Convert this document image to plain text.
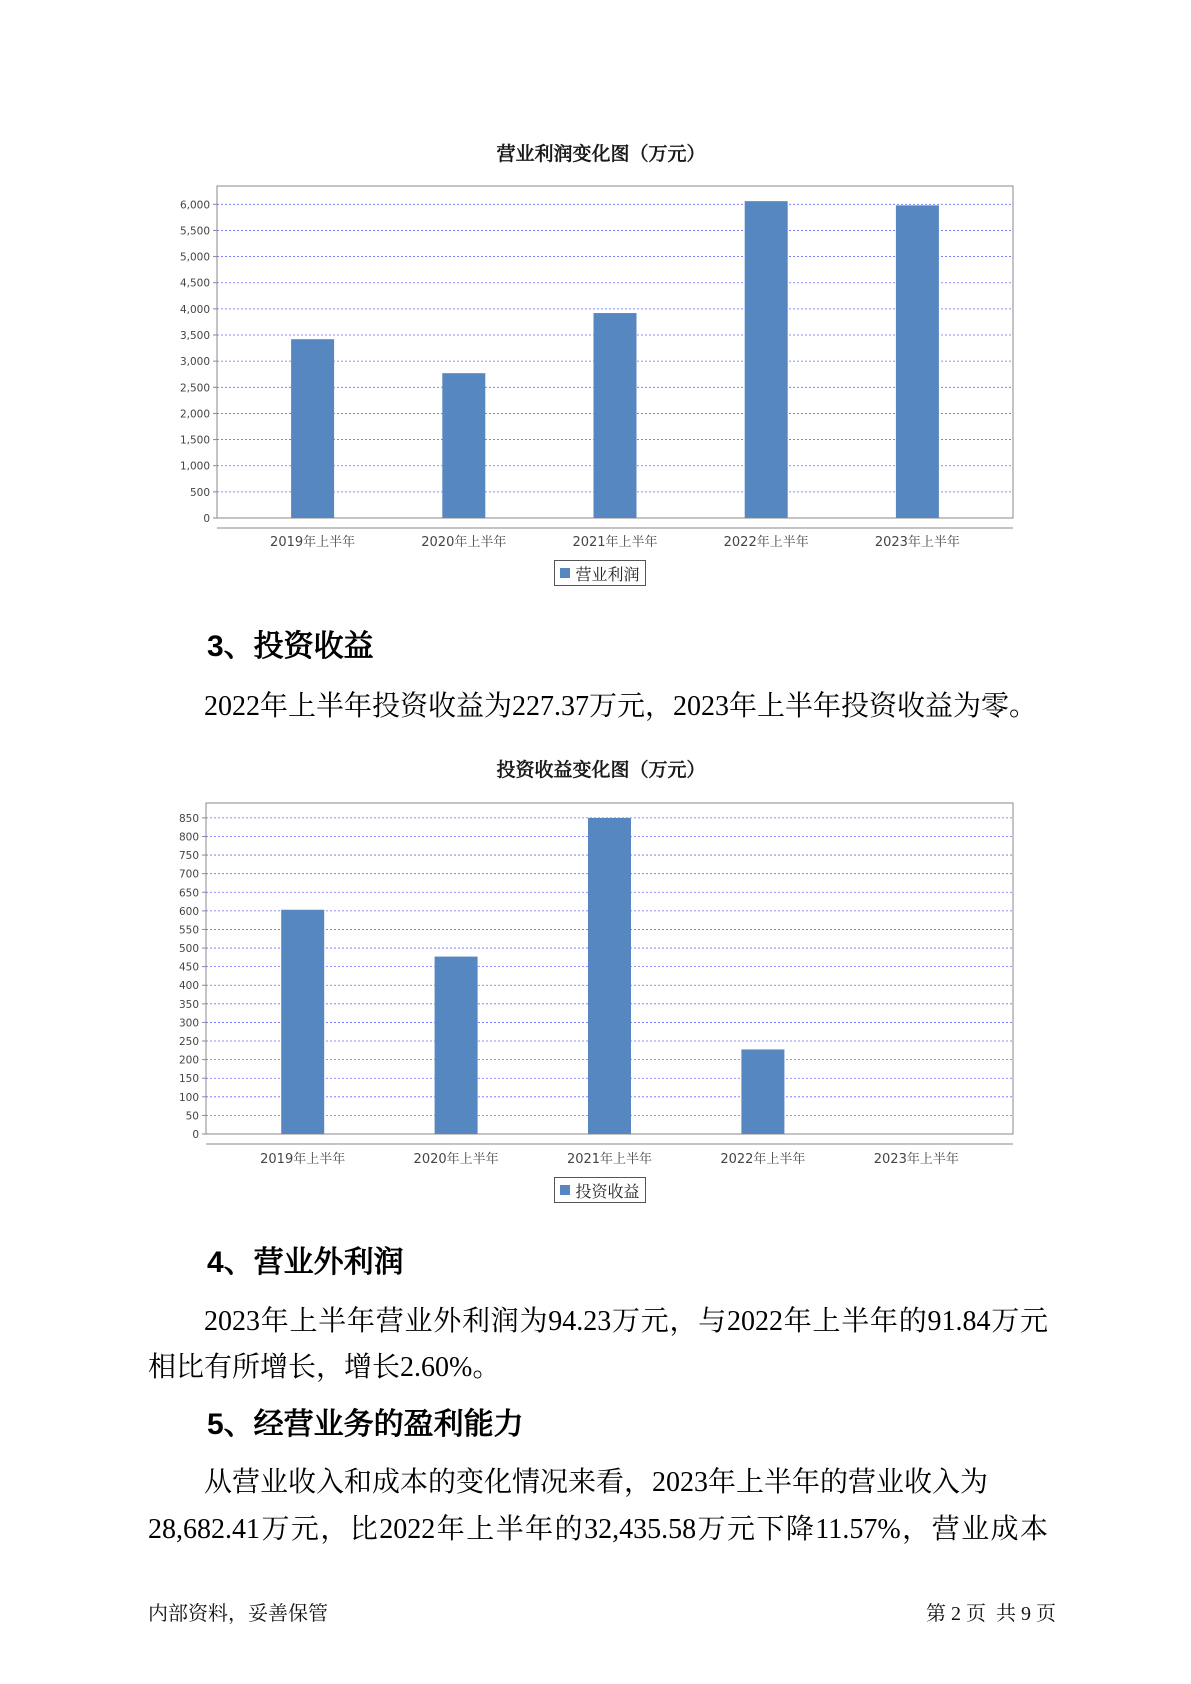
营业利润变化图（万元）
0
500
1,000
1,500
2,000
2,500
3,000
3,500
4,000
4,500
5,000
5,500
6,000
2019年上半年	2020年上半年	2021年上半年	2022年上半年	2023年上半年
营业利润
3、投资收益
2022年上半年投资收益为227.37万元，2023年上半年投资收益为零。
投资收益变化图（万元）
0
50
100
150
200
250
300
350
400
450
500
550
600
650
700
750
800
850
2019年上半年	2020年上半年	2021年上半年	2022年上半年	2023年上半年
投资收益
4、营业外利润
2023年上半年营业外利润为94.23万元，与2022年上半年的91.84万元
相比有所增长，增长2.60%。
5、经营业务的盈利能力
从营业收入和成本的变化情况来看，2023年上半年的营业收入为
28,682.41万元，比2022年上半年的32,435.58万元下降11.57%，营业成本
内部资料，妥善保管	第 2 页  共 9 页
